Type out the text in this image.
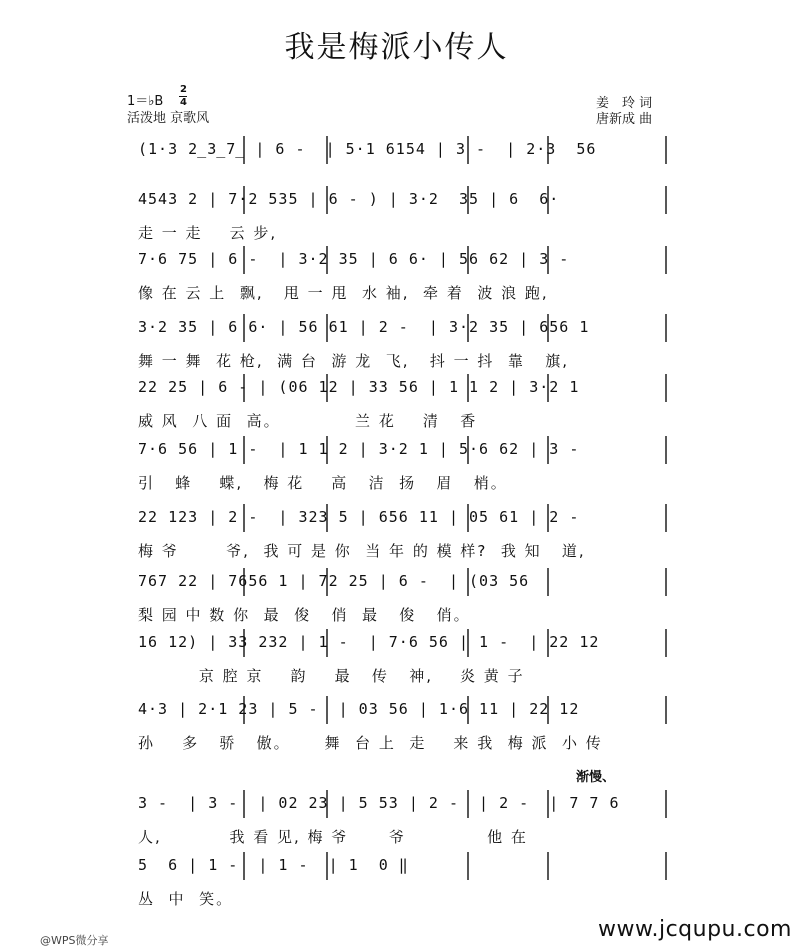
我是梅派小传人
1＝♭B
2
4
活泼地 京歌风
姜　玲 词
唐新成 曲
(1·3 2̲3̲7̲ | 6 -  | 5·1 6154 | 3 -  | 2·3  56
4543 2 | 7·2 535 | 6 - ) | 3·2  35 | 6  6·
走 一 走    云 步,
7·6 75 | 6 -  | 3·2 35 | 6 6· | 56 62 | 3 -
像 在 云 上  飘,   甩 一 甩  水 袖,  牵 着  波 浪 跑,
3·2 35 | 6 6· | 56 61 | 2 -  | 3·2 35 | 656 1
舞 一 舞  花 枪,  满 台  游 龙  飞,   抖 一 抖  靠   旗,
22 25 | 6 - | (06 12 | 33 56 | 1 1 2 | 3·2 1
威 风  八 面  高。           兰 花    清   香
7·6 56 | 1 -  | 1 1 2 | 3·2 1 | 5·6 62 | 3 -
引   蜂    蝶,   梅 花    高   洁  扬   眉   梢。
22 123 | 2 -  | 323 5 | 656 11 | 05 61 | 2 -
梅 爷       爷,  我 可 是 你  当 年 的 模 样?  我 知   道,
767 22 | 7656 1 | 72 25 | 6 -  | (03 56
梨 园 中 数 你  最  俊   俏  最   俊   俏。
16 12) | 33 232 | 1 -  | 7·6 56 | 1 -  | 22 12
京 腔 京    韵    最   传   神,    炎 黄 子
4·3 | 2·1 23 | 5 -  | 03 56 | 1·6 11 | 22 12
孙    多   骄   傲。     舞  台 上  走    来 我  梅 派  小 传
3 -  | 3 -  | 02 23 | 5 53 | 2 -  | 2 -  | 7 7 6
人,          我 看 见, 梅 爷      爷            他 在
5  6 | 1 -  | 1 -  | 1  0 ‖
丛  中  笑。
渐慢、
www.jcqupu.com
@WPS微分享
